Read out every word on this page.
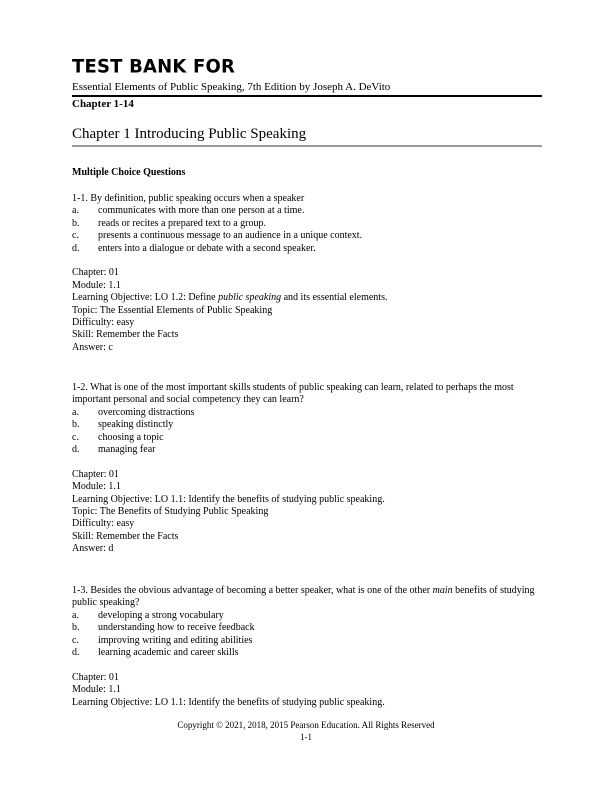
TEST BANK FOR
Essential Elements of Public Speaking, 7th Edition by Joseph A. DeVito
Chapter 1-14
Chapter 1 Introducing Public Speaking
Multiple Choice Questions
1-1. By definition, public speaking occurs when a speaker
a.	communicates with more than one person at a time.
b.	reads or recites a prepared text to a group.
c.	presents a continuous message to an audience in a unique context.
d.	enters into a dialogue or debate with a second speaker.
Chapter: 01
Module: 1.1
Learning Objective: LO 1.2: Define public speaking and its essential elements.
Topic: The Essential Elements of Public Speaking
Difficulty: easy
Skill: Remember the Facts
Answer: c
1-2. What is one of the most important skills students of public speaking can learn, related to perhaps the most important personal and social competency they can learn?
a.	overcoming distractions
b.	speaking distinctly
c.	choosing a topic
d.	managing fear
Chapter: 01
Module: 1.1
Learning Objective: LO 1.1: Identify the benefits of studying public speaking.
Topic: The Benefits of Studying Public Speaking
Difficulty: easy
Skill: Remember the Facts
Answer: d
1-3. Besides the obvious advantage of becoming a better speaker, what is one of the other main benefits of studying public speaking?
a.	developing a strong vocabulary
b.	understanding how to receive feedback
c.	improving writing and editing abilities
d.	learning academic and career skills
Chapter: 01
Module: 1.1
Learning Objective: LO 1.1: Identify the benefits of studying public speaking.
Copyright © 2021, 2018, 2015 Pearson Education. All Rights Reserved
1-1
